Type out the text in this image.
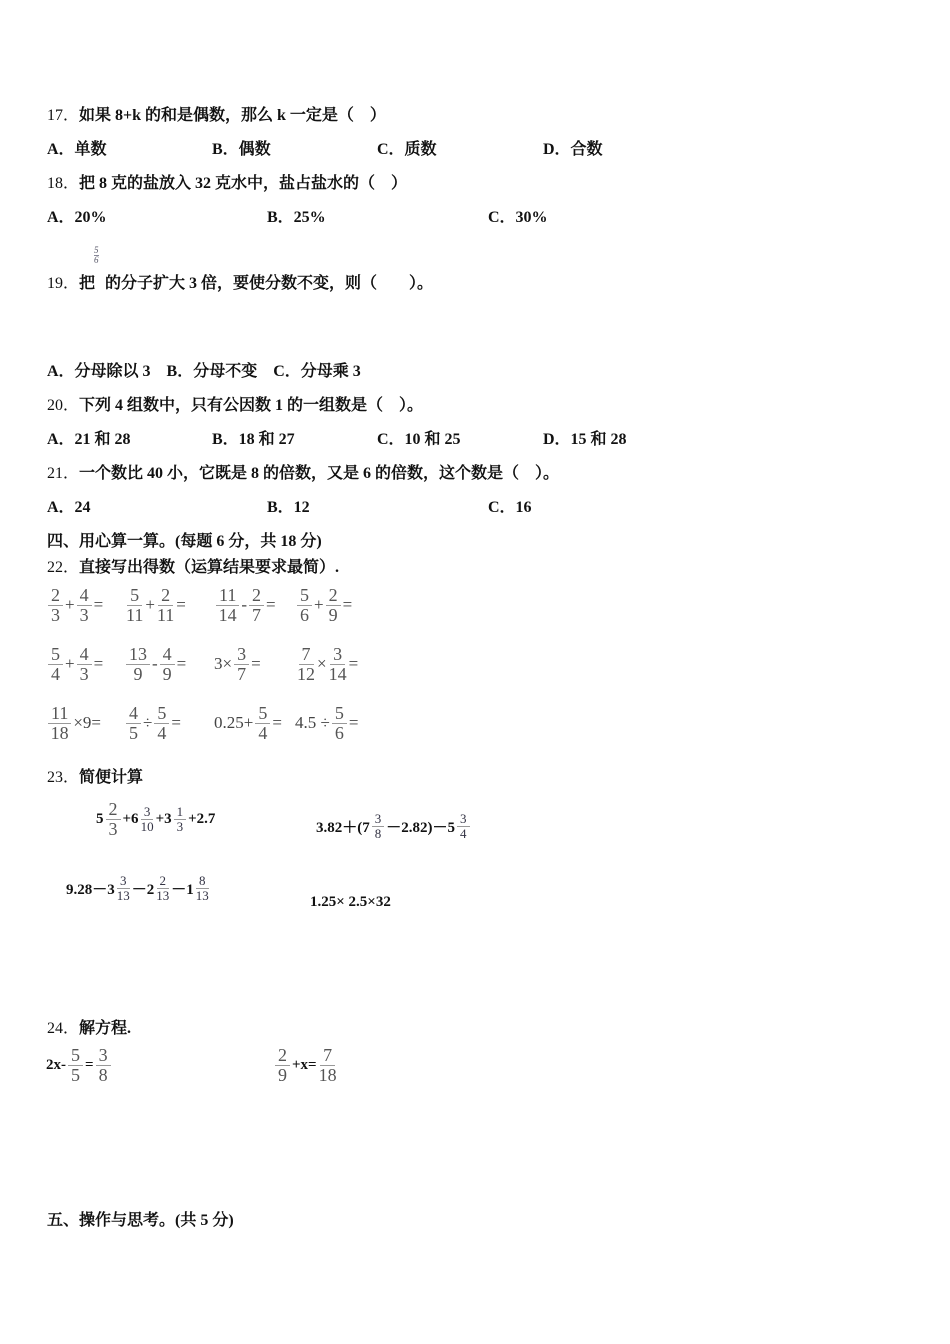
17．如果 8+k 的和是偶数，那么 k 一定是（　）
A．单数	B．偶数	C．质数	D．合数
18．把 8 克的盐放入 32 克水中，盐占盐水的（　）
A．20%	B．25%	C．30%
$\frac{5}{6}$
19．把 的分子扩大 3 倍，要使分数不变，则（　　）。
A．分母除以 3　B．分母不变　C．分母乘 3
20．下列 4 组数中，只有公因数 1 的一组数是（　）。
A．21 和 28	B．18 和 27	C．10 和 25	D．15 和 28
21．一个数比 40 小，它既是 8 的倍数，又是 6 的倍数，这个数是（　）。
A．24	B．12	C．16
四、用心算一算。(每题 6 分，共 18 分)
22．直接写出得数（运算结果要求最简）.
23．简便计算
24．解方程.
五、操作与思考。(共 5 分)
$\frac{2}{3} + \frac{4}{3} = \frac{5}{11} + \frac{2}{11} = \frac{11}{14} - \frac{2}{7} = \frac{5}{6} + \frac{2}{9}$ =
$\frac{5}{4} + \frac{4}{3} = \frac{13}{9} - \frac{4}{9} = 3\times \frac{3}{7} = \frac{7}{12} \times \frac{3}{14}$ =
$\frac{11}{18} \times 9= \frac{4}{5} \div \frac{5}{4} = 0.25+ \frac{5}{4} = 4.5 \div \frac{5}{6}$ =
$5 \frac{2}{3} +6 \frac{3}{10} +3 \frac{1}{3} +2.7$
$3.82+(7 \frac{3}{8} -2.82)-5 \frac{3}{4}$
$9.28-3 \frac{3}{13} -2 \frac{2}{13} -1 \frac{8}{13}$	1.25× 2.5×32
$2x- \frac{5}{5} = \frac{3}{8}$	$\frac{2}{9} +x= \frac{7}{18}$
